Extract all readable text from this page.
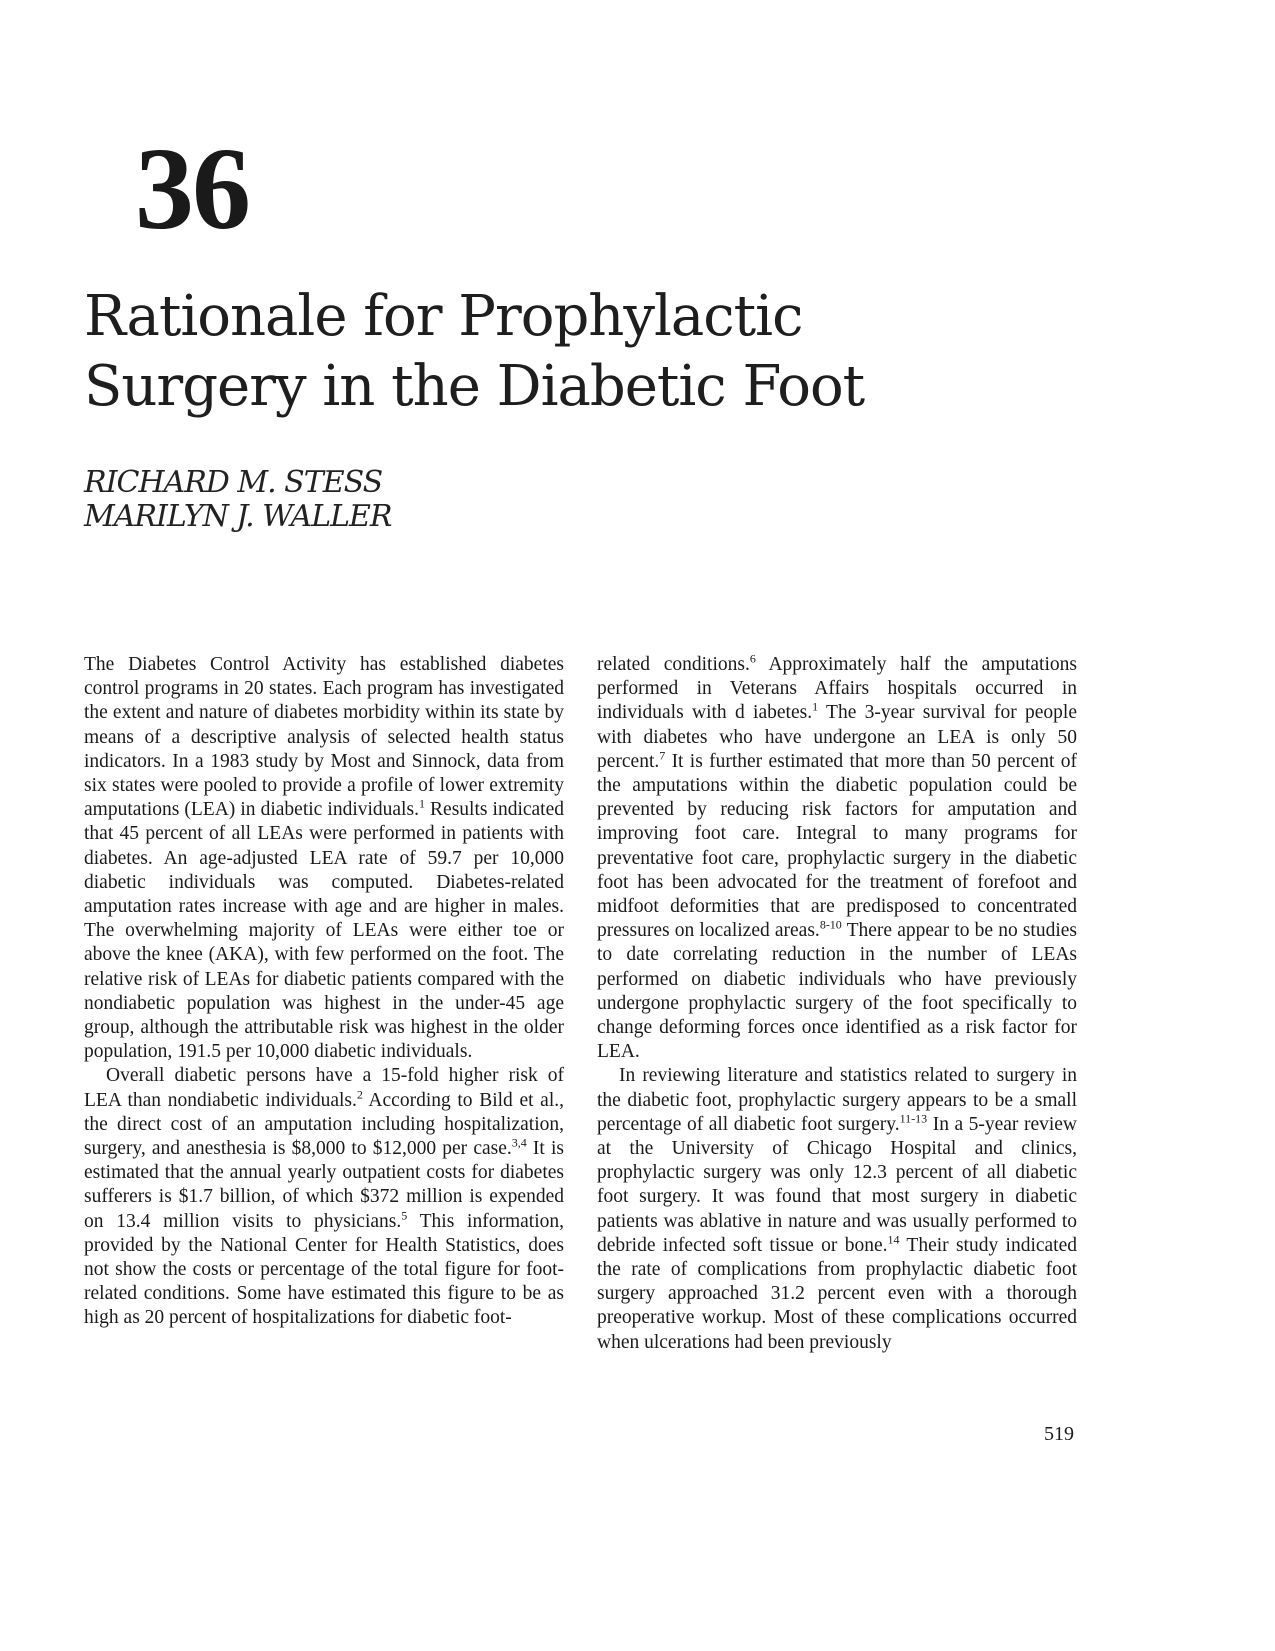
36
Rationale for Prophylactic
Surgery in the Diabetic Foot
RICHARD M. STESS
MARILYN J. WALLER

The Diabetes Control Activity has established diabetes control programs in 20 states. Each program has investigated the extent and nature of diabetes morbidity within its state by means of a descriptive analysis of selected health status indicators. In a 1983 study by Most and Sinnock, data from six states were pooled to provide a profile of lower extremity amputations (LEA) in diabetic individuals.$^1$ Results indicated that 45 percent of all LEAs were performed in patients with diabetes. An age-adjusted LEA rate of 59.7 per 10,000 diabetic individuals was computed. Diabetes-related amputation rates increase with age and are higher in males. The overwhelming majority of LEAs were either toe or above the knee (AKA), with few performed on the foot. The relative risk of LEAs for diabetic patients compared with the nondiabetic population was highest in the under-45 age group, although the attributable risk was highest in the older population, 191.5 per 10,000 diabetic individuals.

Overall diabetic persons have a 15-fold higher risk of LEA than nondiabetic individuals.$^2$ According to Bild et al., the direct cost of an amputation including hospitalization, surgery, and anesthesia is $8,000 to $12,000 per case.$^{3,4}$ It is estimated that the annual yearly outpatient costs for diabetes sufferers is $1.7 billion, of which $372 million is expended on 13.4 million visits to physicians.$^5$ This information, provided by the National Center for Health Statistics, does not show the costs or percentage of the total figure for foot-related conditions. Some have estimated this figure to be as high as 20 percent of hospitalizations for diabetic foot-

related conditions.$^6$ Approximately half the amputations performed in Veterans Affairs hospitals occurred in individuals with d iabetes.$^1$ The 3-year survival for people with diabetes who have undergone an LEA is only 50 percent.$^7$ It is further estimated that more than 50 percent of the amputations within the diabetic population could be prevented by reducing risk factors for amputation and improving foot care. Integral to many programs for preventative foot care, prophylactic surgery in the diabetic foot has been advocated for the treatment of forefoot and midfoot deformities that are predisposed to concentrated pressures on localized areas.$^{8-10}$ There appear to be no studies to date correlating reduction in the number of LEAs performed on diabetic individuals who have previously undergone prophylactic surgery of the foot specifically to change deforming forces once identified as a risk factor for LEA.

In reviewing literature and statistics related to surgery in the diabetic foot, prophylactic surgery appears to be a small percentage of all diabetic foot surgery.$^{11-13}$ In a 5-year review at the University of Chicago Hospital and clinics, prophylactic surgery was only 12.3 percent of all diabetic foot surgery. It was found that most surgery in diabetic patients was ablative in nature and was usually performed to debride infected soft tissue or bone.$^{14}$ Their study indicated the rate of complications from prophylactic diabetic foot surgery approached 31.2 percent even with a thorough preoperative workup. Most of these complications occurred when ulcerations had been previously

519
